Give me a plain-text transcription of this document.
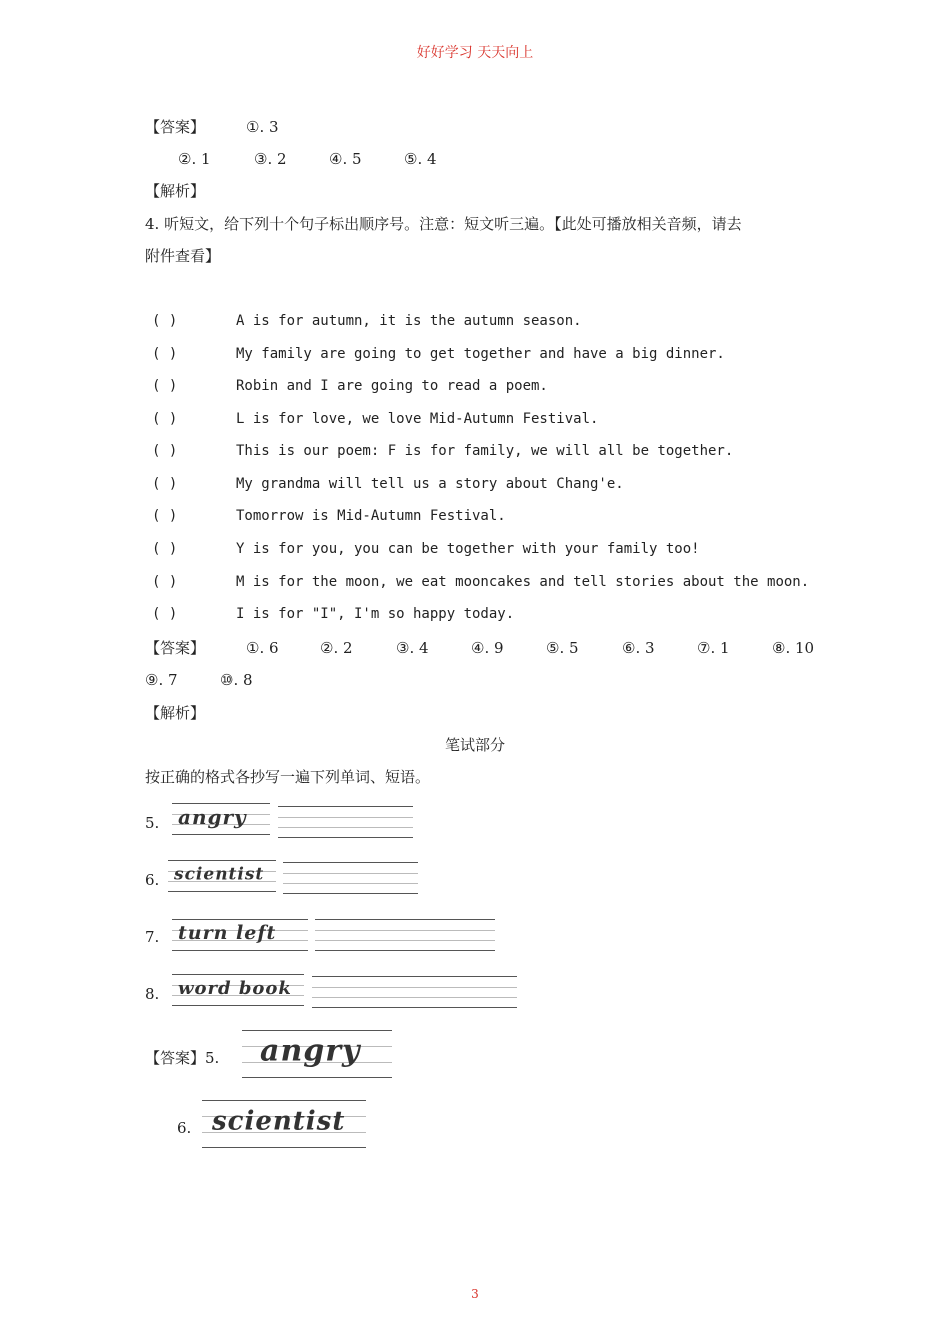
好好学习 天天向上
【答案】	①. 3
②. 1	③. 2	④. 5	⑤. 4
【解析】
4. 听短文，给下列十个句子标出顺序号。注意：短文听三遍。【此处可播放相关音频，请去
附件查看】
( )	A is for autumn, it is the autumn season.
( )	My family are going to get together and have a big dinner.
( )	Robin and I are going to read a poem.
( )	L is for love, we love Mid-Autumn Festival.
( )	This is our poem: F is for family, we will all be together.
( )	My grandma will tell us a story about Chang'e.
( )	Tomorrow is Mid-Autumn Festival.
( )	Y is for you, you can be together with your family too!
( )	M is for the moon, we eat mooncakes and tell stories about the moon.
( )	I is for "I", I'm so happy today.
【答案】	①. 6	②. 2	③. 4	④. 9	⑤. 5	⑥. 3	⑦. 1	⑧. 10
⑨. 7	⑩. 8
【解析】
笔试部分
按正确的格式各抄写一遍下列单词、短语。
5. angry
6. scientist
7. turn left
8. word book
【答案】5. angry
6. scientist
3
